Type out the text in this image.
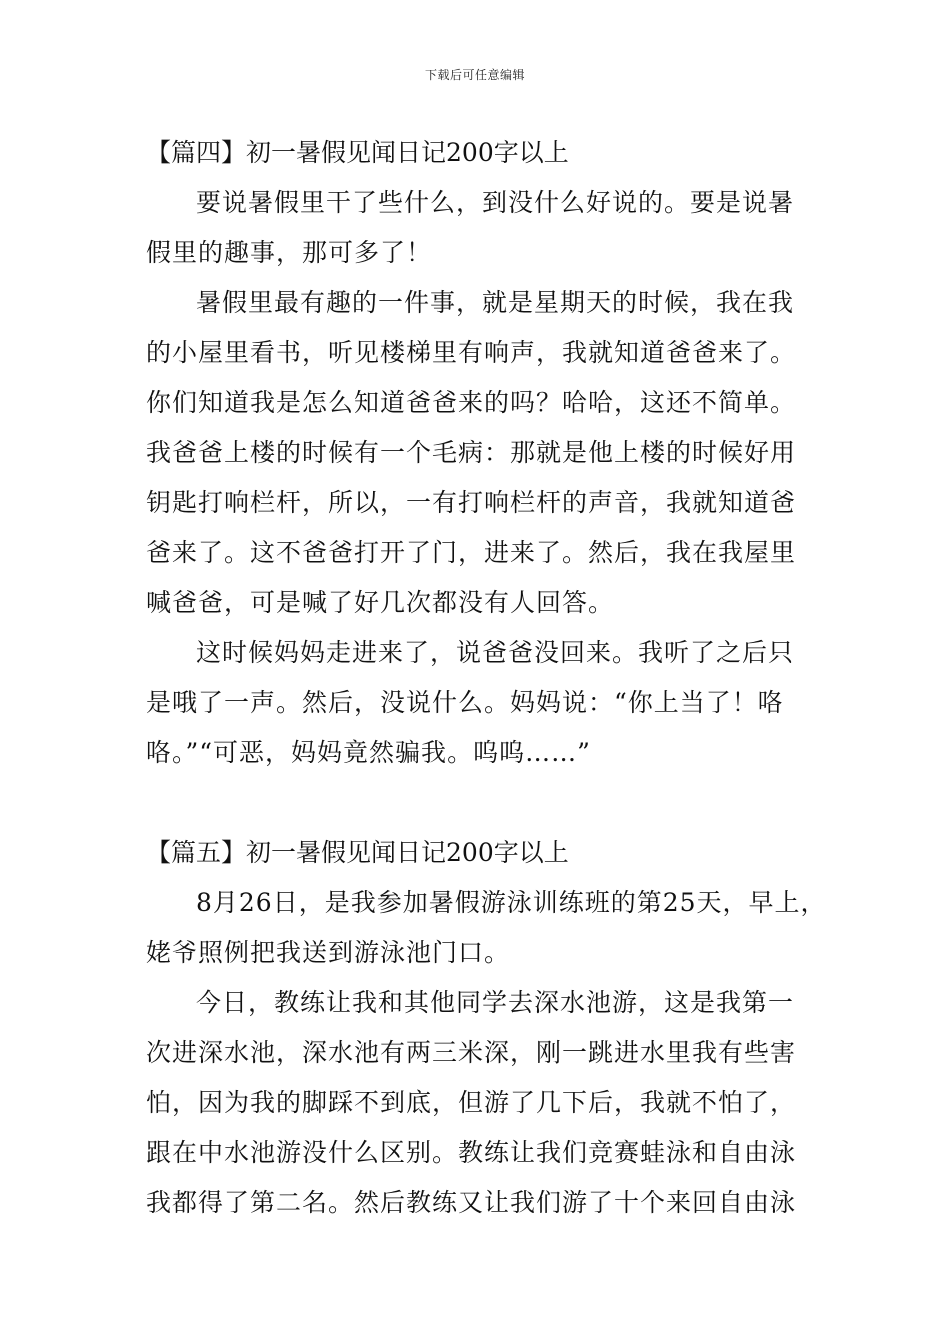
下载后可任意编辑
【篇四】初一暑假见闻日记200字以上
要说暑假里干了些什么，到没什么好说的。要是说暑
假里的趣事，那可多了！
暑假里最有趣的一件事，就是星期天的时候，我在我
的小屋里看书，听见楼梯里有响声，我就知道爸爸来了。
你们知道我是怎么知道爸爸来的吗？哈哈，这还不简单。
我爸爸上楼的时候有一个毛病：那就是他上楼的时候好用
钥匙打响栏杆，所以，一有打响栏杆的声音，我就知道爸
爸来了。这不爸爸打开了门，进来了。然后，我在我屋里
喊爸爸，可是喊了好几次都没有人回答。
这时候妈妈走进来了，说爸爸没回来。我听了之后只
是哦了一声。然后，没说什么。妈妈说：“你上当了！咯
咯。”“可恶，妈妈竟然骗我。呜呜……”
【篇五】初一暑假见闻日记200字以上
8月26日，是我参加暑假游泳训练班的第25天，早上，
姥爷照例把我送到游泳池门口。
今日，教练让我和其他同学去深水池游，这是我第一
次进深水池，深水池有两三米深，刚一跳进水里我有些害
怕，因为我的脚踩不到底，但游了几下后，我就不怕了，
跟在中水池游没什么区别。教练让我们竞赛蛙泳和自由泳
我都得了第二名。然后教练又让我们游了十个来回自由泳
